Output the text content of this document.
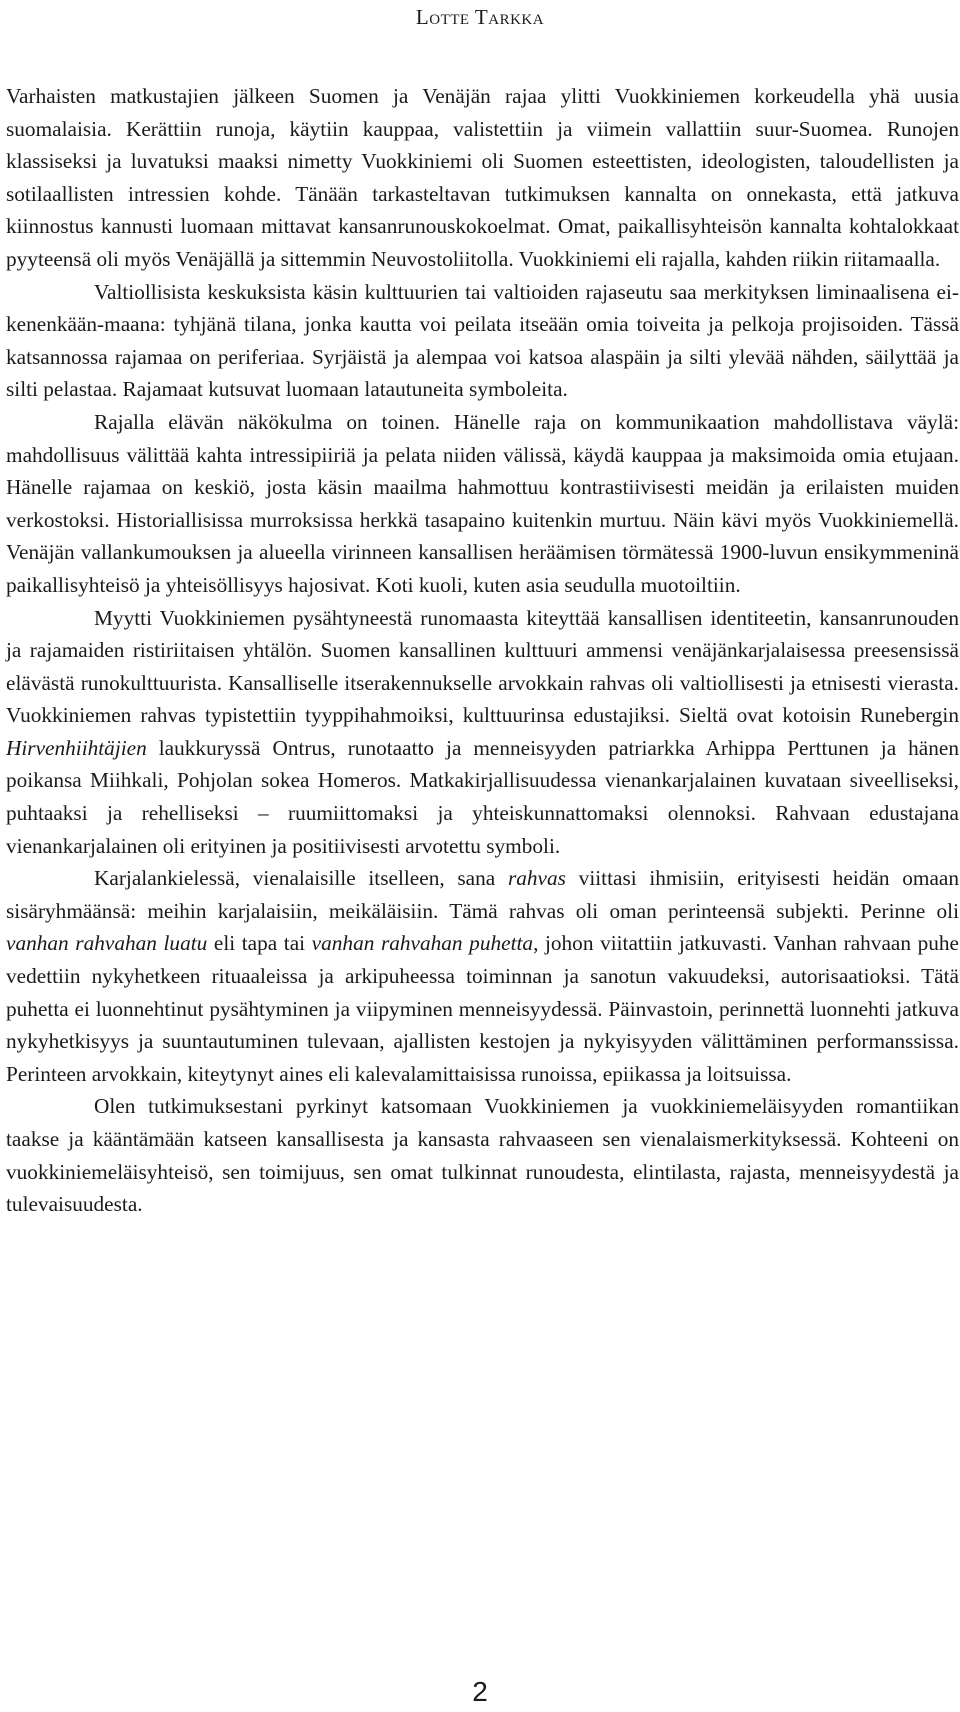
Lotte Tarkka

Varhaisten matkustajien jälkeen Suomen ja Venäjän rajaa ylitti Vuokkiniemen korkeudella yhä uusia suomalaisia. Kerättiin runoja, käytiin kauppaa, valistettiin ja viimein vallattiin suur-Suomea. Runojen klassiseksi ja luvatuksi maaksi nimetty Vuokkiniemi oli Suomen esteettisten, ideologisten, taloudellisten ja sotilaallisten intressien kohde. Tänään tarkasteltavan tutkimuksen kannalta on onnekasta, että jatkuva kiinnostus kannusti luomaan mittavat kansanrunouskokoelmat. Omat, paikallisyhteisön kannalta kohtalokkaat pyyteensä oli myös Venäjällä ja sittemmin Neuvostoliitolla. Vuokkiniemi eli rajalla, kahden riikin riitamaalla.

Valtiollisista keskuksista käsin kulttuurien tai valtioiden rajaseutu saa merkityksen liminaalisena ei-kenenkään-maana: tyhjänä tilana, jonka kautta voi peilata itseään omia toiveita ja pelkoja projisoiden. Tässä katsannossa rajamaa on periferiaa. Syrjäistä ja alempaa voi katsoa alaspäin ja silti ylevää nähden, säilyttää ja silti pelastaa. Rajamaat kutsuvat luomaan latautuneita symboleita.

Rajalla elävän näkökulma on toinen. Hänelle raja on kommunikaation mahdollistava väylä: mahdollisuus välittää kahta intressipiiriä ja pelata niiden välissä, käydä kauppaa ja maksimoida omia etujaan. Hänelle rajamaa on keskiö, josta käsin maailma hahmottuu kontrastiivisesti meidän ja erilaisten muiden verkostoksi. Historiallisissa murroksissa herkkä tasapaino kuitenkin murtuu. Näin kävi myös Vuokkiniemellä. Venäjän vallankumouksen ja alueella virinneen kansallisen heräämisen törmätessä 1900-luvun ensikymmeninä paikallisyhteisö ja yhteisöllisyys hajosivat. Koti kuoli, kuten asia seudulla muotoiltiin.

Myytti Vuokkiniemen pysähtyneestä runomaasta kiteyttää kansallisen identiteetin, kansanrunouden ja rajamaiden ristiriitaisen yhtälön. Suomen kansallinen kulttuuri ammensi venäjänkarjalaisessa preesensissä elävästä runokulttuurista. Kansalliselle itserakennukselle arvokkain rahvas oli valtiollisesti ja etnisesti vierasta. Vuokkiniemen rahvas typistettiin tyyppihahmoiksi, kulttuurinsa edustajiksi. Sieltä ovat kotoisin Runebergin Hirvenhiihtäjien laukkuryssä Ontrus, runotaatto ja menneisyyden patriarkka Arhippa Perttunen ja hänen poikansa Miihkali, Pohjolan sokea Homeros. Matkakirjallisuudessa vienankarjalainen kuvataan siveelliseksi, puhtaaksi ja rehelliseksi – ruumiittomaksi ja yhteiskunnattomaksi olennoksi. Rahvaan edustajana vienankarjalainen oli erityinen ja positiivisesti arvotettu symboli.

Karjalankielessä, vienalaisille itselleen, sana rahvas viittasi ihmisiin, erityisesti heidän omaan sisäryhmäänsä: meihin karjalaisiin, meikäläisiin. Tämä rahvas oli oman perinteensä subjekti. Perinne oli vanhan rahvahan luatu eli tapa tai vanhan rahvahan puhetta, johon viitattiin jatkuvasti. Vanhan rahvaan puhe vedettiin nykyhetkeen rituaaleissa ja arkipuheessa toiminnan ja sanotun vakuudeksi, autorisaatioksi. Tätä puhetta ei luonnehtinut pysähtyminen ja viipyminen menneisyydessä. Päinvastoin, perinnettä luonnehti jatkuva nykyhetkisyys ja suuntautuminen tulevaan, ajallisten kestojen ja nykyisyyden välittäminen performanssissa. Perinteen arvokkain, kiteytynyt aines eli kalevalamittaisissa runoissa, epiikassa ja loitsuissa.

Olen tutkimuksestani pyrkinyt katsomaan Vuokkiniemen ja vuokkiniemeläisyyden romantiikan taakse ja kääntämään katseen kansallisesta ja kansasta rahvaaseen sen vienalaismerkityksessä. Kohteeni on vuokkiniemeläisyhteisö, sen toimijuus, sen omat tulkinnat runoudesta, elintilasta, rajasta, menneisyydestä ja tulevaisuudesta.

2
